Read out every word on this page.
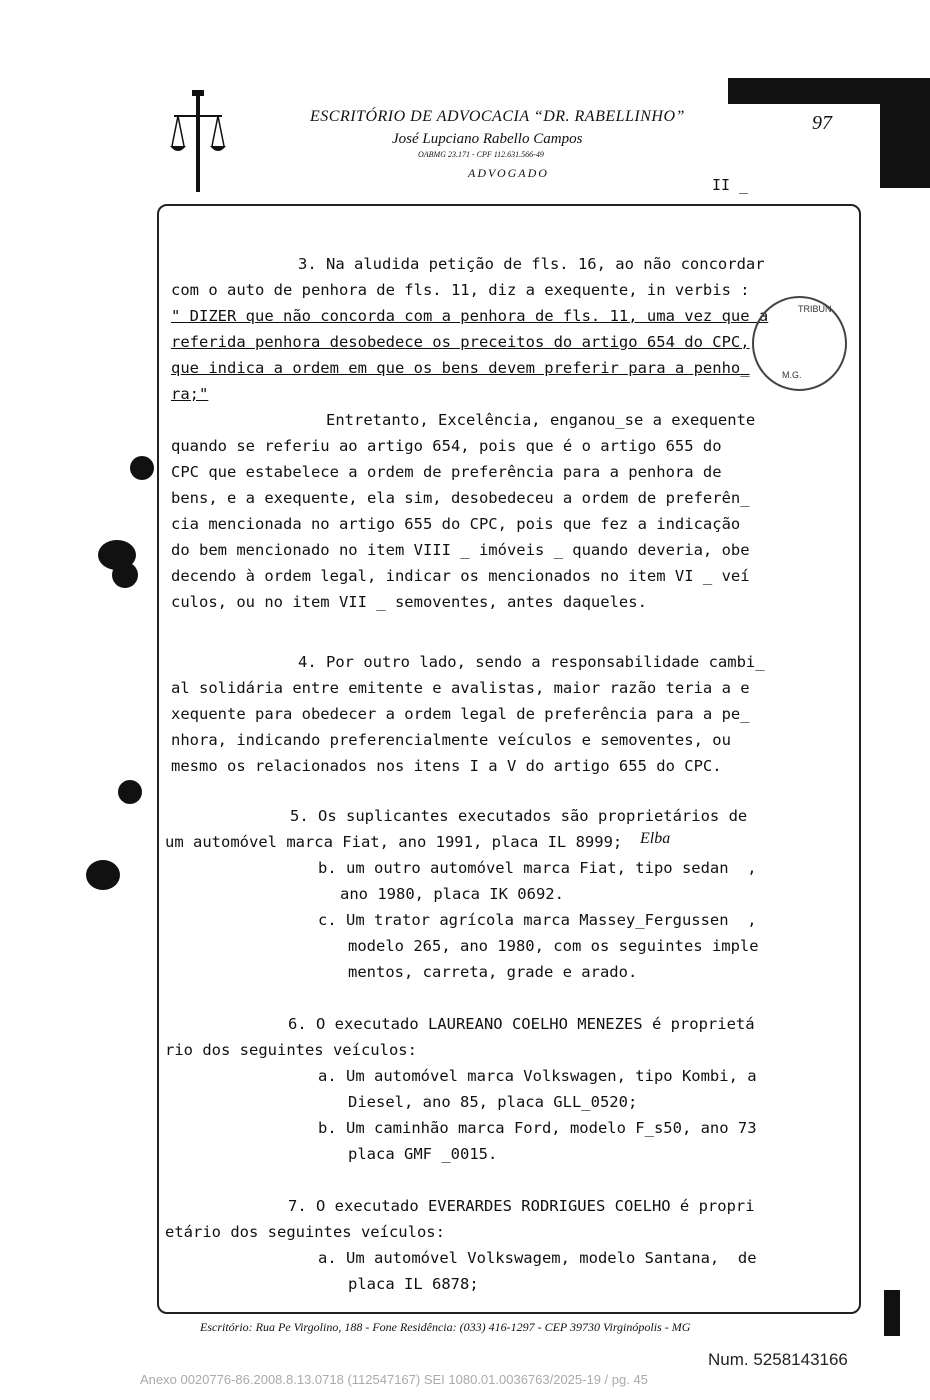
ESCRITÓRIO DE ADVOCACIA “DR. RABELLINHO”
José Lupciano Rabello Campos
OABMG 23.171 - CPF 112.631.566-49
ADVOGADO
II _
97
3. Na aludida petição de fls. 16, ao não concordar
com o auto de penhora de fls. 11, diz a exequente, in verbis :
" DIZER que não concorda com a penhora de fls. 11, uma vez que a
referida penhora desobedece os preceitos do artigo 654 do CPC,
que indica a ordem em que os bens devem preferir para a penho_
ra;"
Entretanto, Excelência, enganou_se a exequente
quando se referiu ao artigo 654, pois que é o artigo 655 do
CPC que estabelece a ordem de preferência para a penhora de
bens, e a exequente, ela sim, desobedeceu a ordem de preferên_
cia mencionada no artigo 655 do CPC, pois que fez a indicação
do bem mencionado no item VIII _ imóveis _ quando deveria, obe
decendo à ordem legal, indicar os mencionados no item VI _ veí
culos, ou no item VII _ semoventes, antes daqueles.
4. Por outro lado, sendo a responsabilidade cambi_
al solidária entre emitente e avalistas, maior razão teria a e
xequente para obedecer a ordem legal de preferência para a pe_
nhora, indicando preferencialmente veículos e semoventes, ou
mesmo os relacionados nos itens I a V do artigo 655 do CPC.
5. Os suplicantes executados são proprietários de
um automóvel marca Fiat, ano 1991, placa IL 8999; Elba
b. um outro automóvel marca Fiat, tipo sedan  ,
ano 1980, placa IK 0692.
c. Um trator agrícola marca Massey_Fergussen  ,
modelo 265, ano 1980, com os seguintes imple
mentos, carreta, grade e arado.
6. O executado LAUREANO COELHO MENEZES é proprietá
rio dos seguintes veículos:
a. Um automóvel marca Volkswagen, tipo Kombi, a
Diesel, ano 85, placa GLL_0520;
b. Um caminhão marca Ford, modelo F_s50, ano 73
placa GMF _0015.
7. O executado EVERARDES RODRIGUES COELHO é propri
etário dos seguintes veículos:
a. Um automóvel Volkswagem, modelo Santana,  de
placa IL 6878;
TRIBUN
M.G.
Escritório: Rua Pe Virgolino, 188 - Fone Residência: (033) 416-1297 - CEP 39730 Virginópolis - MG
Num. 5258143166
Anexo 0020776-86.2008.8.13.0718 (112547167) SEI 1080.01.0036763/2025-19 / pg. 45
